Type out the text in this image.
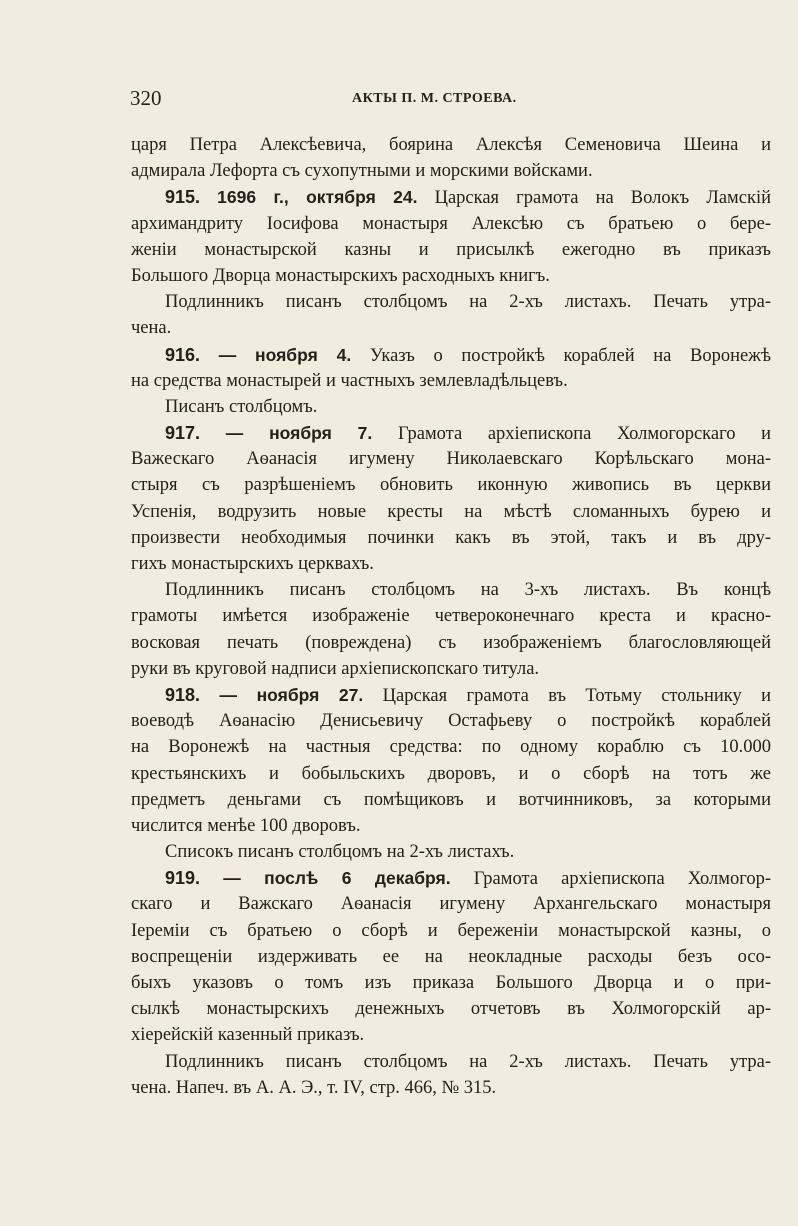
320	АКТЫ П. М. СТРОЕВА.
царя Петра Алексѣевича, боярина Алексѣя Семеновича Шеина и
адмирала Лефорта съ сухопутными и морскими войсками.
915. 1696 г., октября 24. Царская грамота на Волокъ Ламскій
архимандриту Іосифова монастыря Алексѣю съ братьею о бере-
женіи монастырской казны и присылкѣ ежегодно въ приказъ
Большого Дворца монастырскихъ расходныхъ книгъ.
Подлинникъ писанъ столбцомъ на 2-хъ листахъ. Печать утра-
чена.
916. — ноября 4. Указъ о постройкѣ кораблей на Воронежѣ
на средства монастырей и частныхъ землевладѣльцевъ.
Писанъ столбцомъ.
917. — ноября 7. Грамота архіепископа Холмогорскаго и
Важескаго Аѳанасія игумену Николаевскаго Корѣльскаго мона-
стыря съ разрѣшеніемъ обновить иконную живопись въ церкви
Успенія, водрузить новые кресты на мѣстѣ сломанныхъ бурею и
произвести необходимыя починки какъ въ этой, такъ и въ дру-
гихъ монастырскихъ церквахъ.
Подлинникъ писанъ столбцомъ на 3-хъ листахъ. Въ концѣ
грамоты имѣется изображеніе четвероконечнаго креста и красно-
восковая печать (повреждена) съ изображеніемъ благословляющей
руки въ круговой надписи архіепископскаго титула.
918. — ноября 27. Царская грамота въ Тотьму стольнику и
воеводѣ Аѳанасію Денисьевичу Остафьеву о постройкѣ кораблей
на Воронежѣ на частныя средства: по одному кораблю съ 10.000
крестьянскихъ и бобыльскихъ дворовъ, и о сборѣ на тотъ же
предметъ деньгами съ помѣщиковъ и вотчинниковъ, за которыми
числится менѣе 100 дворовъ.
Списокъ писанъ столбцомъ на 2-хъ листахъ.
919. — послѣ 6 декабря. Грамота архіепископа Холмогор-
скаго и Важскаго Аѳанасія игумену Архангельскаго монастыря
Іеремiи съ братьею о сборѣ и береженіи монастырской казны, о
воспрещеніи издерживать ее на неокладные расходы безъ осо-
быхъ указовъ о томъ изъ приказа Большого Дворца и о при-
сылкѣ монастырскихъ денежныхъ отчетовъ въ Холмогорскій ар-
хіерейскій казенный приказъ.
Подлинникъ писанъ столбцомъ на 2-хъ листахъ. Печать утра-
чена. Напеч. въ А. А. Э., т. IV, стр. 466, № 315.
